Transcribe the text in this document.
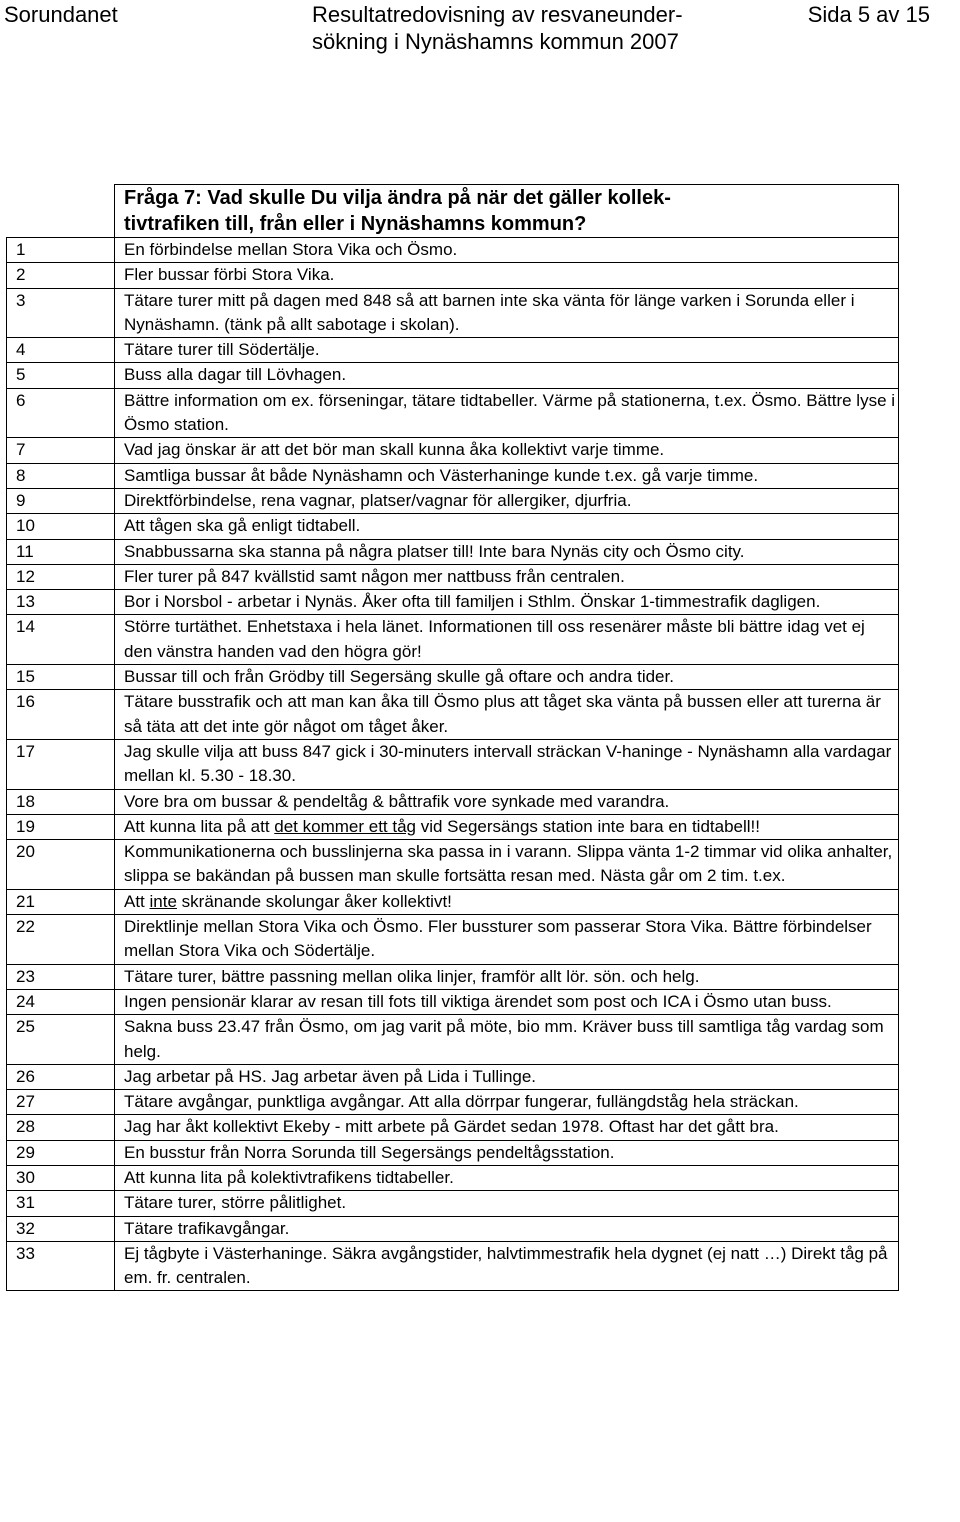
Sorundanet	Resultatredovisning av resvaneunder-
sökning i Nynäshamns kommun 2007
Sida 5 av 15

	Fråga 7: Vad skulle Du vilja ändra på när det gäller kollek-
tivtrafiken till, från eller i Nynäshamns kommun?

1	En förbindelse mellan Stora Vika och Ösmo.
2	Fler bussar förbi Stora Vika.
3	Tätare turer mitt på dagen med 848 så att barnen inte ska vänta för länge varken i Sorunda eller i Nynäshamn. (tänk på allt sabotage i skolan).
4	Tätare turer till Södertälje.
5	Buss alla dagar till Lövhagen.
6	Bättre information om ex. förseningar, tätare tidtabeller. Värme på stationerna, t.ex. Ösmo. Bättre lyse i Ösmo station.
7	Vad jag önskar är att det bör man skall kunna åka kollektivt varje timme.
8	Samtliga bussar åt både Nynäshamn och Västerhaninge kunde t.ex. gå varje timme.
9	Direktförbindelse, rena vagnar, platser/vagnar för allergiker, djurfria.
10	Att tågen ska gå enligt tidtabell.
11	Snabbussarna ska stanna på några platser till! Inte bara Nynäs city och Ösmo city.
12	Fler turer på 847 kvällstid samt någon mer nattbuss från centralen.
13	Bor i Norsbol - arbetar i Nynäs. Åker ofta till familjen i Sthlm. Önskar 1-timmestrafik dagligen.
14	Större turtäthet. Enhetstaxa i hela länet. Informationen till oss resenärer måste bli bättre idag vet ej den vänstra handen vad den högra gör!
15	Bussar till och från Grödby till Segersäng skulle gå oftare och andra tider.
16	Tätare busstrafik och att man kan åka till Ösmo plus att tåget ska vänta på bussen eller att turerna är så täta att det inte gör något om tåget åker.
17	Jag skulle vilja att buss 847 gick i 30-minuters intervall sträckan V-haninge - Nynäshamn alla vardagar mellan kl. 5.30 - 18.30.
18	Vore bra om bussar & pendeltåg & båttrafik vore synkade med varandra.
19	Att kunna lita på att det kommer ett tåg vid Segersängs station inte bara en tidtabell!!
20	Kommunikationerna och busslinjerna ska passa in i varann. Slippa vänta 1-2 timmar vid olika anhalter, slippa se bakändan på bussen man skulle fortsätta resan med. Nästa går om 2 tim. t.ex.
21	Att inte skränande skolungar åker kollektivt!
22	Direktlinje mellan Stora Vika och Ösmo. Fler bussturer som passerar Stora Vika. Bättre förbindelser mellan Stora Vika och Södertälje.
23	Tätare turer, bättre passning mellan olika linjer, framför allt lör. sön. och helg.
24	Ingen pensionär klarar av resan till fots till viktiga ärendet som post och ICA i Ösmo utan buss.
25	Sakna buss 23.47 från Ösmo, om jag varit på möte, bio mm. Kräver buss till samtliga tåg vardag som helg.
26	Jag arbetar på HS. Jag arbetar även på Lida i Tullinge.
27	Tätare avgångar, punktliga avgångar. Att alla dörrpar fungerar, fullängdståg hela sträckan.
28	Jag har åkt kollektivt Ekeby - mitt arbete på Gärdet sedan 1978. Oftast har det gått bra.
29	En busstur från Norra Sorunda till Segersängs pendeltågsstation.
30	Att kunna lita på kolektivtrafikens tidtabeller.
31	Tätare turer, större pålitlighet.
32	Tätare trafikavgångar.
33	Ej tågbyte i Västerhaninge. Säkra avgångstider, halvtimmestrafik hela dygnet (ej natt …) Direkt tåg på em. fr. centralen.
